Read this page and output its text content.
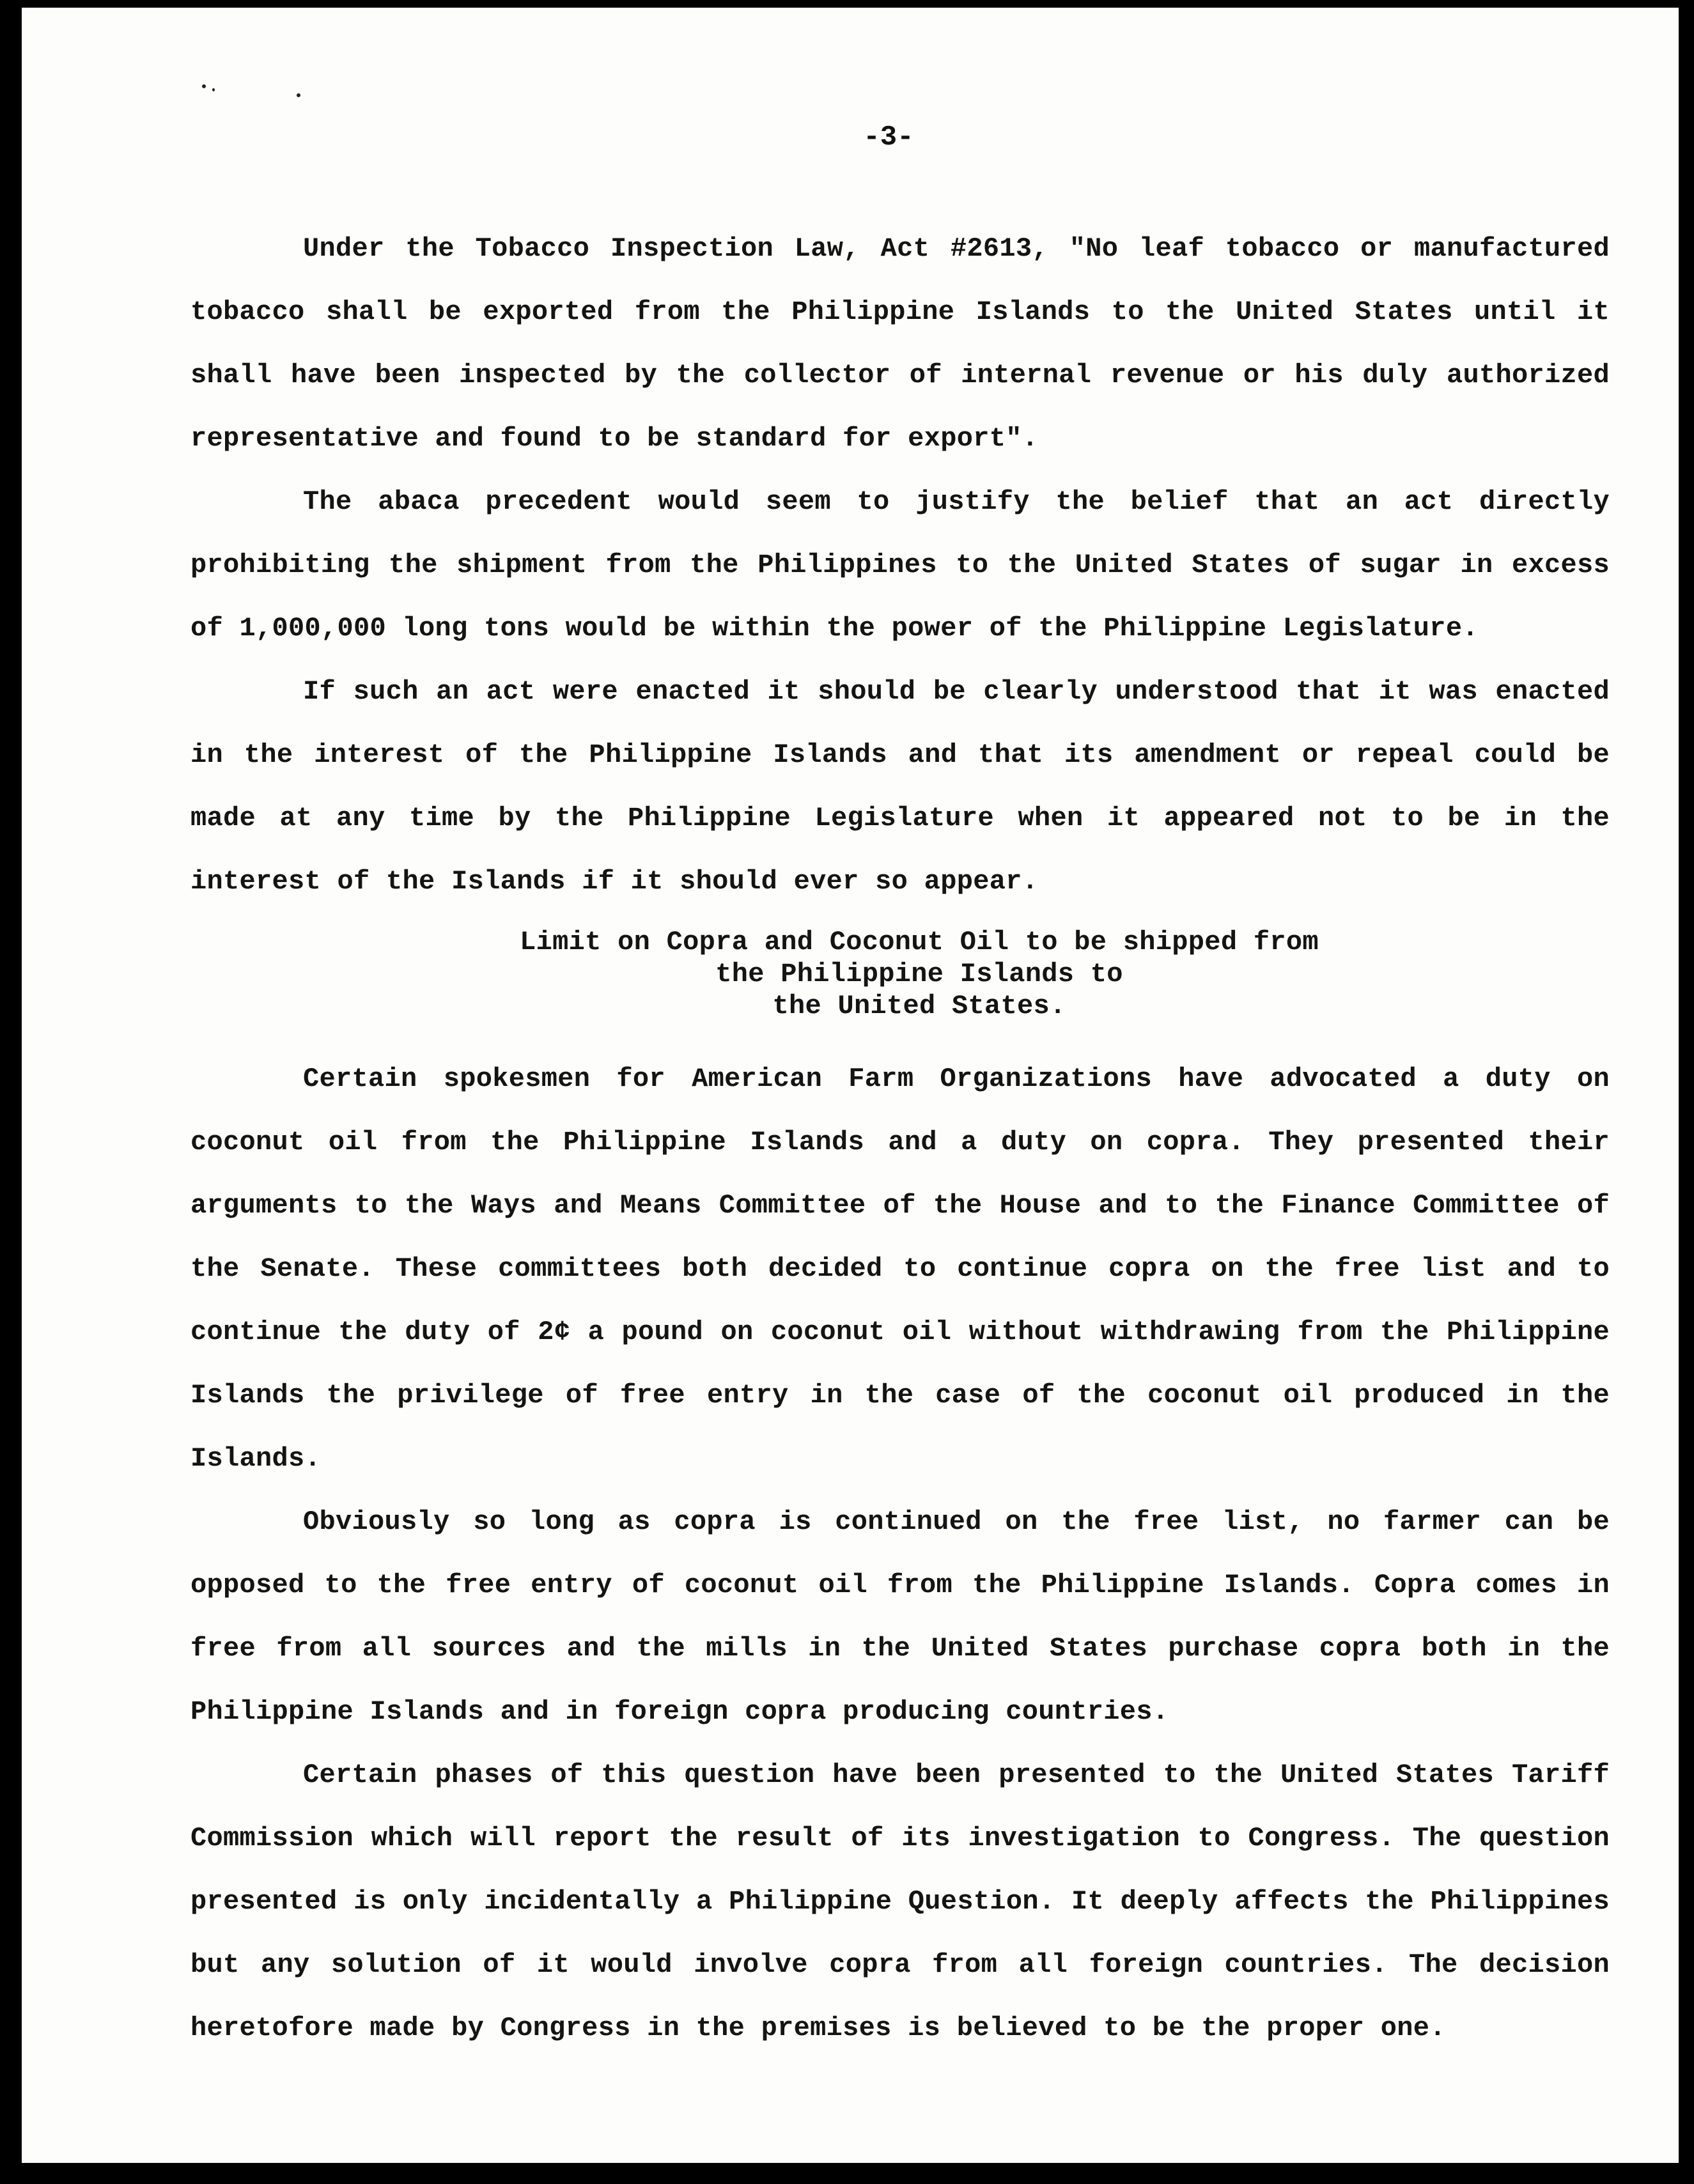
-3-

Under the Tobacco Inspection Law, Act #2613, "No leaf tobacco or manufactured tobacco shall be exported from the Philippine Islands to the United States until it shall have been inspected by the collector of internal revenue or his duly authorized representative and found to be standard for export".

The abaca precedent would seem to justify the belief that an act directly prohibiting the shipment from the Philippines to the United States of sugar in excess of 1,000,000 long tons would be within the power of the Philippine Legislature.

If such an act were enacted it should be clearly understood that it was enacted in the interest of the Philippine Islands and that its amendment or repeal could be made at any time by the Philippine Legislature when it appeared not to be in the interest of the Islands if it should ever so appear.

Limit on Copra and Coconut Oil to be shipped from
the Philippine Islands to
the United States.

Certain spokesmen for American Farm Organizations have advocated a duty on coconut oil from the Philippine Islands and a duty on copra. They presented their arguments to the Ways and Means Committee of the House and to the Finance Committee of the Senate. These committees both decided to continue copra on the free list and to continue the duty of 2¢ a pound on coconut oil without withdrawing from the Philippine Islands the privilege of free entry in the case of the coconut oil produced in the Islands.

Obviously so long as copra is continued on the free list, no farmer can be opposed to the free entry of coconut oil from the Philippine Islands. Copra comes in free from all sources and the mills in the United States purchase copra both in the Philippine Islands and in foreign copra producing countries.

Certain phases of this question have been presented to the United States Tariff Commission which will report the result of its investigation to Congress. The question presented is only incidentally a Philippine Question. It deeply affects the Philippines but any solution of it would involve copra from all foreign countries. The decision heretofore made by Congress in the premises is believed to be the proper one.
